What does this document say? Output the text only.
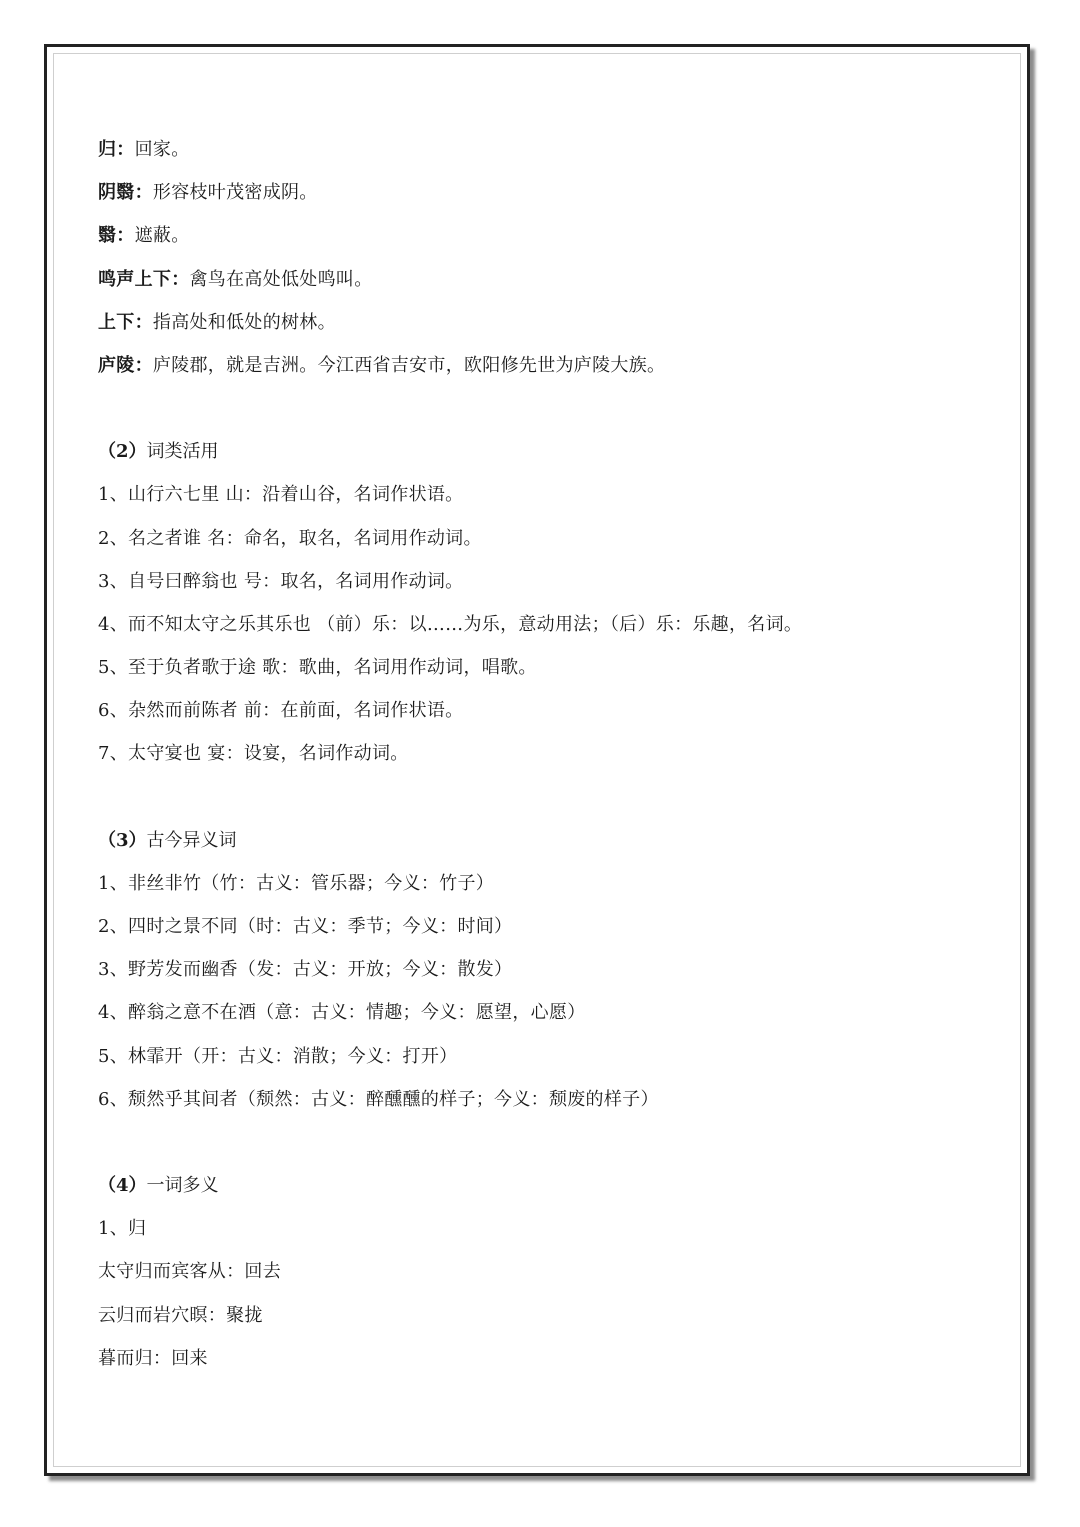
归：回家。
阴翳：形容枝叶茂密成阴。
翳：遮蔽。
鸣声上下：禽鸟在高处低处鸣叫。
上下：指高处和低处的树林。
庐陵：庐陵郡，就是吉洲。今江西省吉安市，欧阳修先世为庐陵大族。
（2）词类活用
1、山行六七里 山：沿着山谷，名词作状语。
2、名之者谁 名：命名，取名，名词用作动词。
3、自号曰醉翁也 号：取名，名词用作动词。
4、而不知太守之乐其乐也 （前）乐：以……为乐，意动用法；（后）乐：乐趣，名词。
5、至于负者歌于途 歌：歌曲，名词用作动词，唱歌。
6、杂然而前陈者 前：在前面，名词作状语。
7、太守宴也 宴：设宴，名词作动词。
（3）古今异义词
1、非丝非竹（竹：古义：管乐器；今义：竹子）
2、四时之景不同（时：古义：季节；今义：时间）
3、野芳发而幽香（发：古义：开放；今义：散发）
4、醉翁之意不在酒（意：古义：情趣；今义：愿望，心愿）
5、林霏开（开：古义：消散；今义：打开）
6、颓然乎其间者（颓然：古义：醉醺醺的样子；今义：颓废的样子）
（4）一词多义
1、归
太守归而宾客从：回去
云归而岩穴暝：聚拢
暮而归：回来
